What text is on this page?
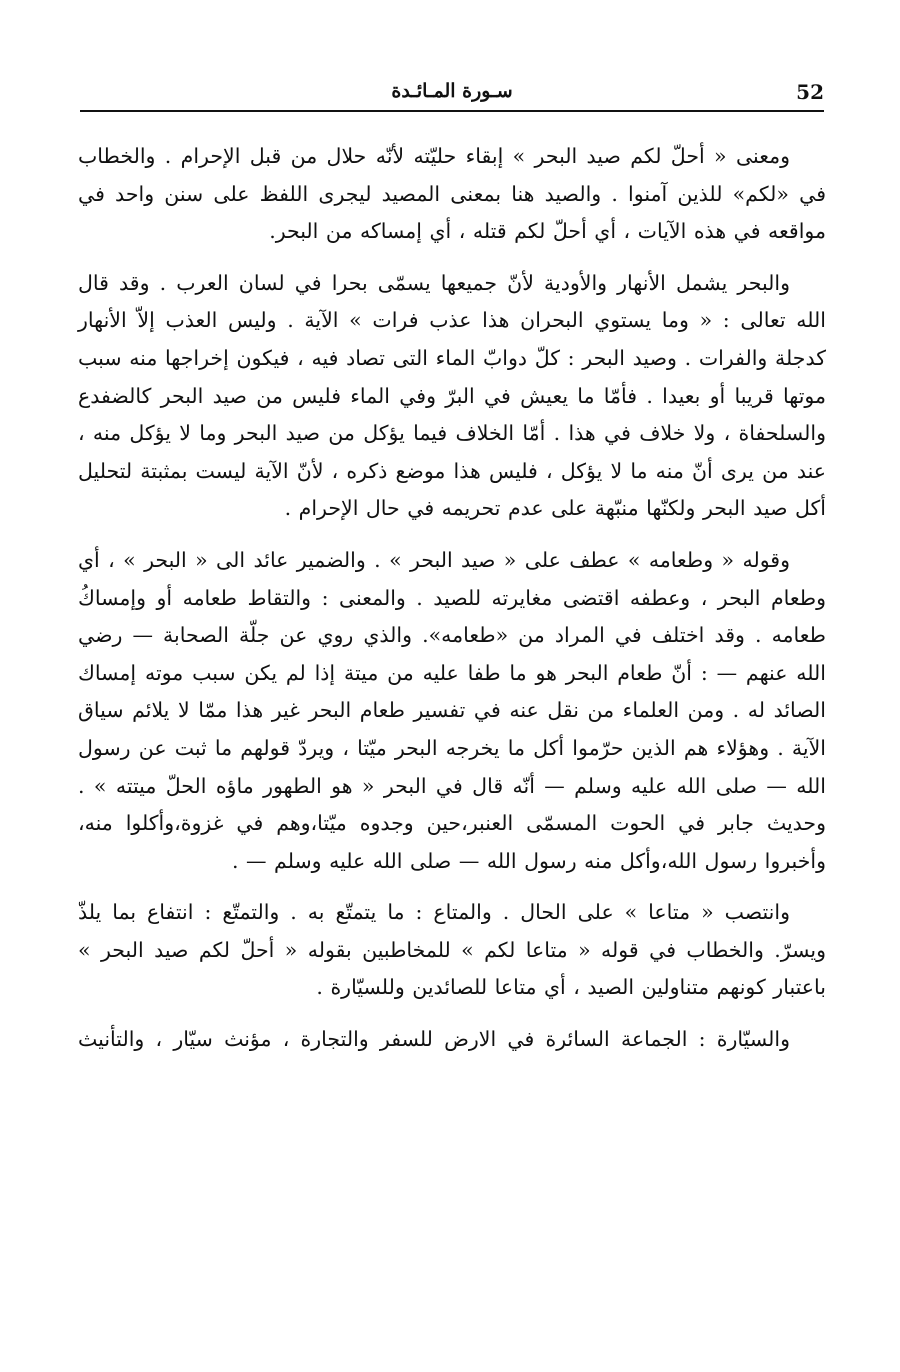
52
سـورة المـائـدة

ومعنى « أحلّ لكم صيد البحر » إبقاء حليّته لأنّه حلال من قبل الإحرام . والخطاب في «لكم» للذين آمنوا . والصيد هنا بمعنى المصيد ليجرى اللفظ على سنن واحد في مواقعه في هذه الآيات ، أي أحلّ لكم قتله ، أي إمساكه من البحر.

والبحر يشمل الأنهار والأودية لأنّ جميعها يسمّى بحرا في لسان العرب . وقد قال الله تعالى : « وما يستوي البحران هذا عذب فرات » الآية . وليس العذب إلاّ الأنهار كدجلة والفرات . وصيد البحر : كلّ دوابّ الماء التى تصاد فيه ، فيكون إخراجها منه سبب موتها قريبا أو بعيدا . فأمّا ما يعيش في البرّ وفي الماء فليس من صيد البحر كالضفدع والسلحفاة ، ولا خلاف في هذا . أمّا الخلاف فيما يؤكل من صيد البحر وما لا يؤكل منه ، عند من يرى أنّ منه ما لا يؤكل ، فليس هذا موضع ذكره ، لأنّ الآية ليست بمثبتة لتحليل أكل صيد البحر ولكنّها منبّهة على عدم تحريمه في حال الإحرام .

وقوله « وطعامه » عطف على « صيد البحر » . والضمير عائد الى « البحر » ، أي وطعام البحر ، وعطفه اقتضى مغايرته للصيد . والمعنى : والتقاط طعامه أو وإمساكُ طعامه . وقد اختلف في المراد من «طعامه». والذي روي عن جلّة الصحابة — رضي الله عنهم — : أنّ طعام البحر هو ما طفا عليه من ميتة إذا لم يكن سبب موته إمساك الصائد له . ومن العلماء من نقل عنه في تفسير طعام البحر غير هذا ممّا لا يلائم سياق الآية . وهؤلاء هم الذين حرّموا أكل ما يخرجه البحر ميّتا ، ويردّ قولهم ما ثبت عن رسول الله — صلى الله عليه وسلم — أنّه قال في البحر « هو الطهور ماؤه الحلّ ميتته » . وحديث جابر في الحوت المسمّى العنبر،حين وجدوه ميّتا،وهم في غزوة،وأكلوا منه، وأخبروا رسول الله،وأكل منه رسول الله — صلى الله عليه وسلم — .

وانتصب « متاعا » على الحال . والمتاع : ما يتمتّع به . والتمتّع : انتفاع بما يلذّ ويسرّ. والخطاب في قوله « متاعا لكم » للمخاطبين بقوله « أحلّ لكم صيد البحر » باعتبار كونهم متناولين الصيد ، أي متاعا للصائدين وللسيّارة .

والسيّارة : الجماعة السائرة في الارض للسفر والتجارة ، مؤنث سيّار ، والتأنيث
